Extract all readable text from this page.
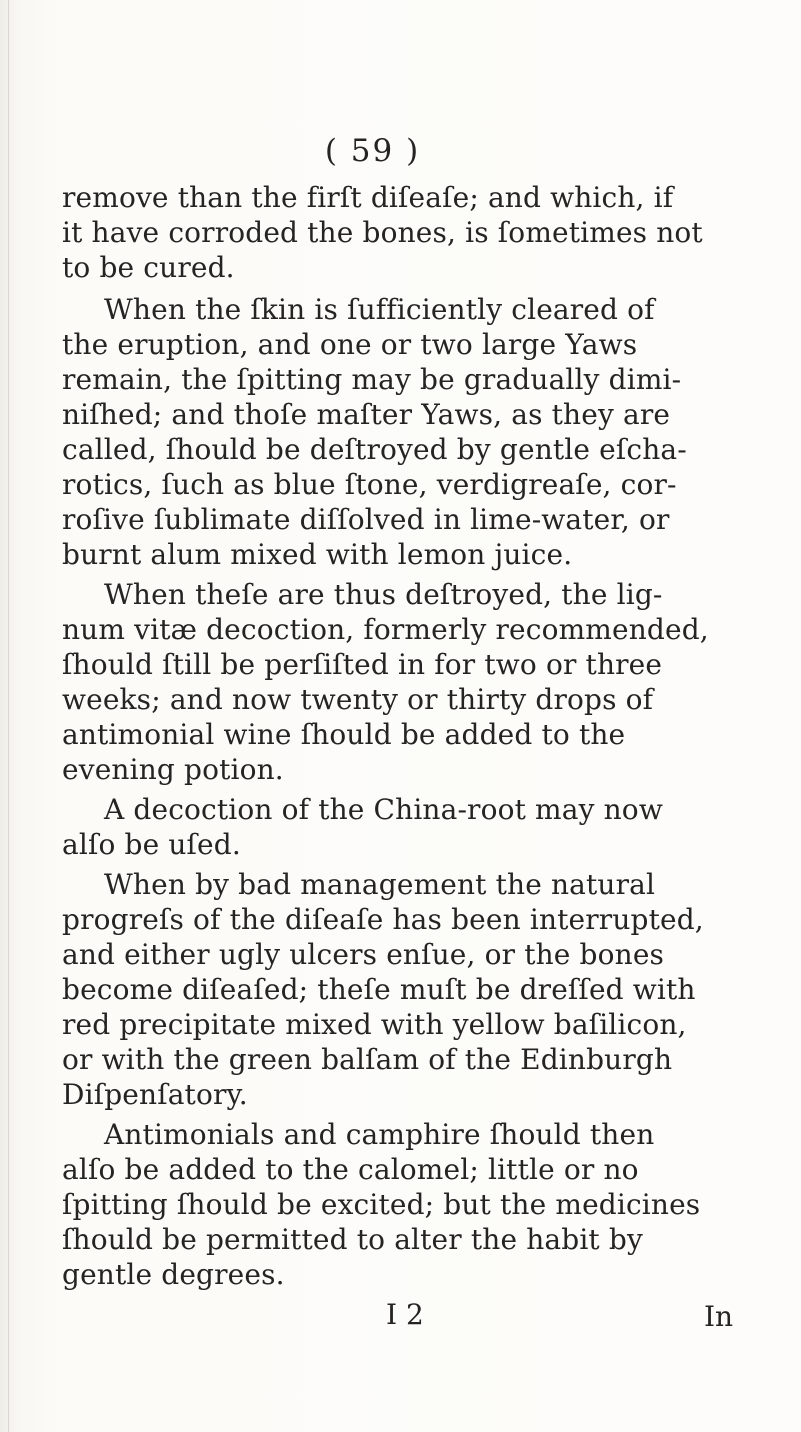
( 59 )
remove than the firſt diſeaſe; and which, if
it have corroded the bones, is ſometimes not
to be cured.
When the ſkin is ſufficiently cleared of
the eruption, and one or two large Yaws
remain, the ſpitting may be gradually dimi-
niſhed; and thoſe maſter Yaws, as they are
called, ſhould be deſtroyed by gentle eſcha-
rotics, ſuch as blue ſtone, verdigreaſe, cor-
roſive ſublimate diſſolved in lime-water, or
burnt alum mixed with lemon juice.
When theſe are thus deſtroyed, the lig-
num vitæ decoction, formerly recommended,
ſhould ſtill be perſiſted in for two or three
weeks; and now twenty or thirty drops of
antimonial wine ſhould be added to the
evening potion.
A decoction of the China-root may now
alſo be uſed.
When by bad management the natural
progreſs of the diſeaſe has been interrupted,
and either ugly ulcers enſue, or the bones
become diſeaſed; theſe muſt be dreſſed with
red precipitate mixed with yellow baſilicon,
or with the green balſam of the Edinburgh
Diſpenſatory.
Antimonials and camphire ſhould then
alſo be added to the calomel; little or no
ſpitting ſhould be excited; but the medicines
ſhould be permitted to alter the habit by
gentle degrees.
I 2	In
